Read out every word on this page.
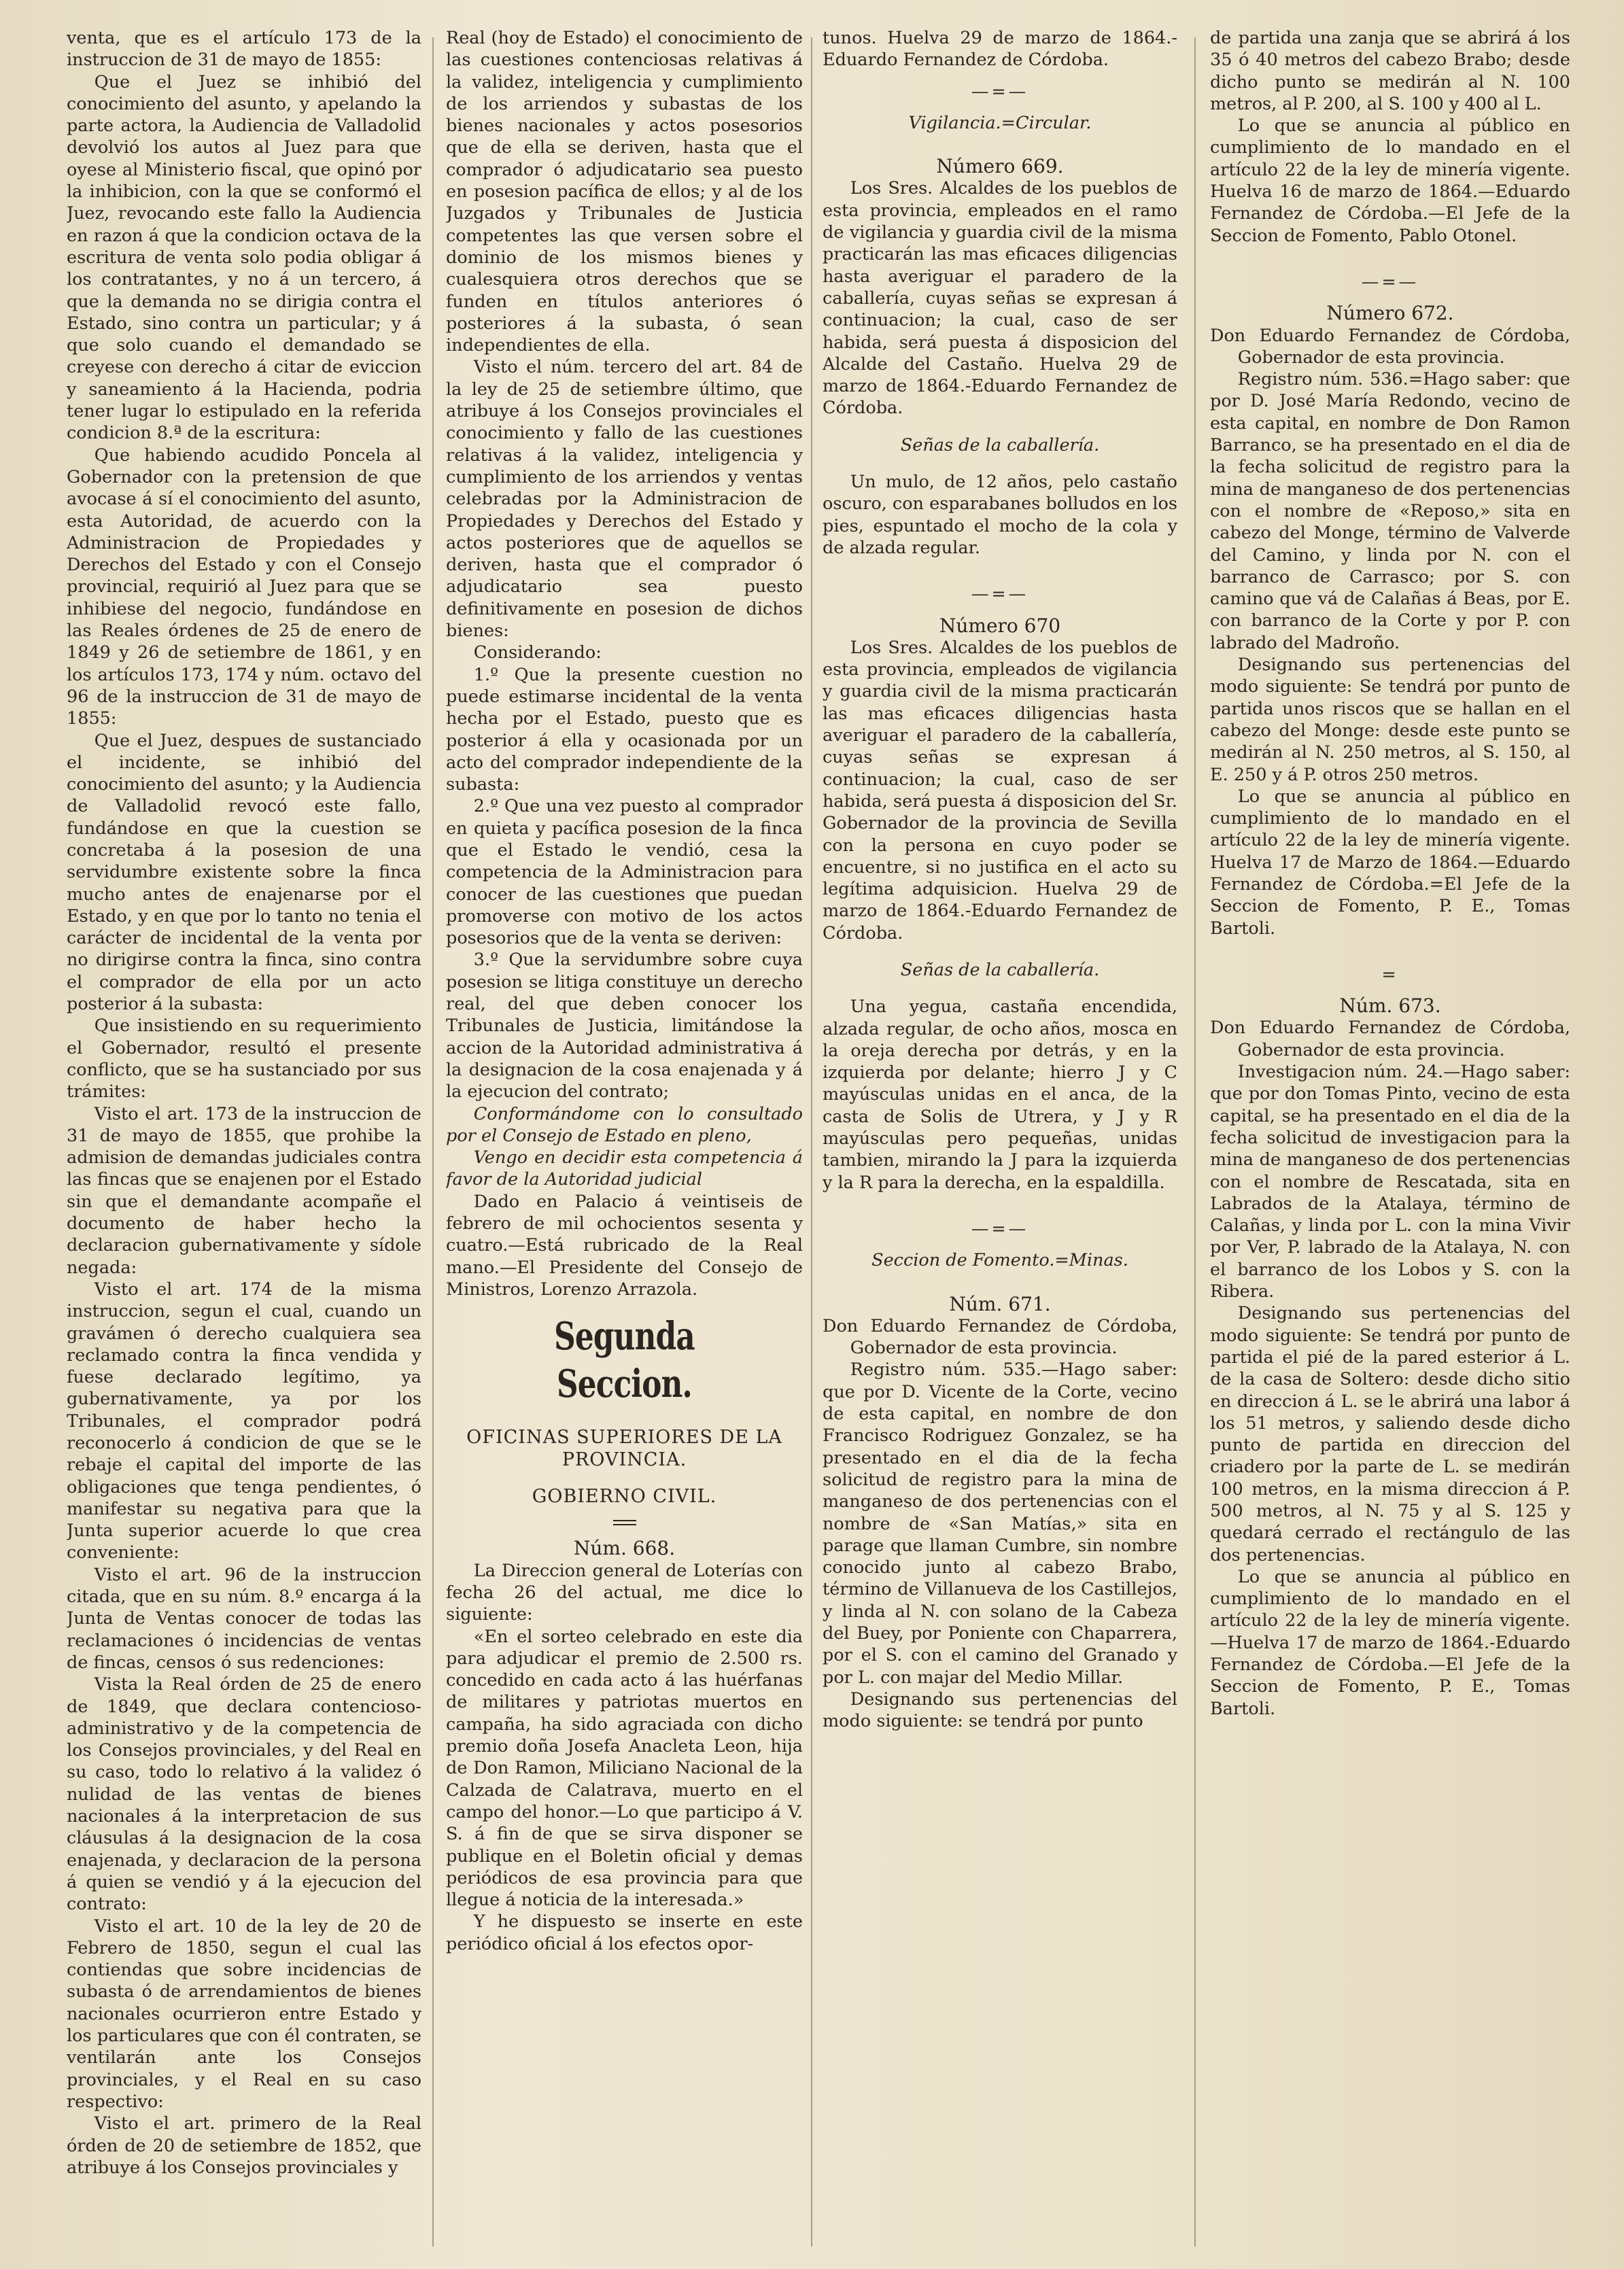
venta, que es el artículo 173 de la instruccion de 31 de mayo de 1855:

Que el Juez se inhibió del conocimiento del asunto, y apelando la parte actora, la Audiencia de Valladolid devolvió los autos al Juez para que oyese al Ministerio fiscal, que opinó por la inhibicion, con la que se conformó el Juez, revocando este fallo la Audiencia en razon á que la condicion octava de la escritura de venta solo podia obligar á los contratantes, y no á un tercero, á que la demanda no se dirigia contra el Estado, sino contra un particular; y á que solo cuando el demandado se creyese con derecho á citar de eviccion y saneamiento á la Hacienda, podria tener lugar lo estipulado en la referida condicion 8.ª de la escritura:

Que habiendo acudido Poncela al Gobernador con la pretension de que avocase á sí el conocimiento del asunto, esta Autoridad, de acuerdo con la Administracion de Propiedades y Derechos del Estado y con el Consejo provincial, requirió al Juez para que se inhibiese del negocio, fundándose en las Reales órdenes de 25 de enero de 1849 y 26 de setiembre de 1861, y en los artículos 173, 174 y núm. octavo del 96 de la instruccion de 31 de mayo de 1855:

Que el Juez, despues de sustanciado el incidente, se inhibió del conocimiento del asunto; y la Audiencia de Valladolid revocó este fallo, fundándose en que la cuestion se concretaba á la posesion de una servidumbre existente sobre la finca mucho antes de enajenarse por el Estado, y en que por lo tanto no tenia el carácter de incidental de la venta por no dirigirse contra la finca, sino contra el comprador de ella por un acto posterior á la subasta:

Que insistiendo en su requerimiento el Gobernador, resultó el presente conflicto, que se ha sustanciado por sus trámites:

Visto el art. 173 de la instruccion de 31 de mayo de 1855, que prohibe la admision de demandas judiciales contra las fincas que se enajenen por el Estado sin que el demandante acompañe el documento de haber hecho la declaracion gubernativamente y sídole negada:

Visto el art. 174 de la misma instruccion, segun el cual, cuando un gravámen ó derecho cualquiera sea reclamado contra la finca vendida y fuese declarado legítimo, ya gubernativamente, ya por los Tribunales, el comprador podrá reconocerlo á condicion de que se le rebaje el capital del importe de las obligaciones que tenga pendientes, ó manifestar su negativa para que la Junta superior acuerde lo que crea conveniente:

Visto el art. 96 de la instruccion citada, que en su núm. 8.º encarga á la Junta de Ventas conocer de todas las reclamaciones ó incidencias de ventas de fincas, censos ó sus redenciones:

Vista la Real órden de 25 de enero de 1849, que declara contencioso-administrativo y de la competencia de los Consejos provinciales, y del Real en su caso, todo lo relativo á la validez ó nulidad de las ventas de bienes nacionales á la interpretacion de sus cláusulas á la designacion de la cosa enajenada, y declaracion de la persona á quien se vendió y á la ejecucion del contrato:

Visto el art. 10 de la ley de 20 de Febrero de 1850, segun el cual las contiendas que sobre incidencias de subasta ó de arrendamientos de bienes nacionales ocurrieron entre Estado y los particulares que con él contraten, se ventilarán ante los Consejos provinciales, y el Real en su caso respectivo:

Visto el art. primero de la Real órden de 20 de setiembre de 1852, que atribuye á los Consejos provinciales y

Real (hoy de Estado) el conocimiento de las cuestiones contenciosas relativas á la validez, inteligencia y cumplimiento de los arriendos y subastas de los bienes nacionales y actos posesorios que de ella se deriven, hasta que el comprador ó adjudicatario sea puesto en posesion pacífica de ellos; y al de los Juzgados y Tribunales de Justicia competentes las que versen sobre el dominio de los mismos bienes y cualesquiera otros derechos que se funden en títulos anteriores ó posteriores á la subasta, ó sean independientes de ella.

Visto el núm. tercero del art. 84 de la ley de 25 de setiembre último, que atribuye á los Consejos provinciales el conocimiento y fallo de las cuestiones relativas á la validez, inteligencia y cumplimiento de los arriendos y ventas celebradas por la Administracion de Propiedades y Derechos del Estado y actos posteriores que de aquellos se deriven, hasta que el comprador ó adjudicatario sea puesto definitivamente en posesion de dichos bienes:

Considerando:

1.º Que la presente cuestion no puede estimarse incidental de la venta hecha por el Estado, puesto que es posterior á ella y ocasionada por un acto del comprador independiente de la subasta:

2.º Que una vez puesto al comprador en quieta y pacífica posesion de la finca que el Estado le vendió, cesa la competencia de la Administracion para conocer de las cuestiones que puedan promoverse con motivo de los actos posesorios que de la venta se deriven:

3.º Que la servidumbre sobre cuya posesion se litiga constituye un derecho real, del que deben conocer los Tribunales de Justicia, limitándose la accion de la Autoridad administrativa á la designacion de la cosa enajenada y á la ejecucion del contrato;

Conformándome con lo consultado por el Consejo de Estado en pleno,

Vengo en decidir esta competencia á favor de la Autoridad judicial

Dado en Palacio á veintiseis de febrero de mil ochocientos sesenta y cuatro.—Está rubricado de la Real mano.—El Presidente del Consejo de Ministros, Lorenzo Arrazola.

Segunda Seccion.
OFICINAS SUPERIORES DE LA PROVINCIA.
GOBIERNO CIVIL.

Núm. 668.

La Direccion general de Loterías con fecha 26 del actual, me dice lo siguiente:

«En el sorteo celebrado en este dia para adjudicar el premio de 2.500 rs. concedido en cada acto á las huérfanas de militares y patriotas muertos en campaña, ha sido agraciada con dicho premio doña Josefa Anacleta Leon, hija de Don Ramon, Miliciano Nacional de la Calzada de Calatrava, muerto en el campo del honor.—Lo que participo á V. S. á fin de que se sirva disponer se publique en el Boletin oficial y demas periódicos de esa provincia para que llegue á noticia de la interesada.»

Y he dispuesto se inserte en este periódico oficial á los efectos opor-

tunos. Huelva 29 de marzo de 1864.-Eduardo Fernandez de Córdoba.

—=—

Vigilancia.=Circular.

Número 669.

Los Sres. Alcaldes de los pueblos de esta provincia, empleados en el ramo de vigilancia y guardia civil de la misma practicarán las mas eficaces diligencias hasta averiguar el paradero de la caballería, cuyas señas se expresan á continuacion; la cual, caso de ser habida, será puesta á disposicion del Alcalde del Castaño. Huelva 29 de marzo de 1864.-Eduardo Fernandez de Córdoba.

Señas de la caballería.

Un mulo, de 12 años, pelo castaño oscuro, con esparabanes bolludos en los pies, espuntado el mocho de la cola y de alzada regular.

—=—

Número 670

Los Sres. Alcaldes de los pueblos de esta provincia, empleados de vigilancia y guardia civil de la misma practicarán las mas eficaces diligencias hasta averiguar el paradero de la caballería, cuyas señas se expresan á continuacion; la cual, caso de ser habida, será puesta á disposicion del Sr. Gobernador de la provincia de Sevilla con la persona en cuyo poder se encuentre, si no justifica en el acto su legítima adquisicion. Huelva 29 de marzo de 1864.-Eduardo Fernandez de Córdoba.

Señas de la caballería.

Una yegua, castaña encendida, alzada regular, de ocho años, mosca en la oreja derecha por detrás, y en la izquierda por delante; hierro J y C mayúsculas unidas en el anca, de la casta de Solis de Utrera, y J y R mayúsculas pero pequeñas, unidas tambien, mirando la J para la izquierda y la R para la derecha, en la espaldilla.

—=—

Seccion de Fomento.=Minas.

Núm. 671.

Don Eduardo Fernandez de Córdoba, Gobernador de esta provincia.

Registro núm. 535.—Hago saber: que por D. Vicente de la Corte, vecino de esta capital, en nombre de don Francisco Rodriguez Gonzalez, se ha presentado en el dia de la fecha solicitud de registro para la mina de manganeso de dos pertenencias con el nombre de «San Matías,» sita en parage que llaman Cumbre, sin nombre conocido junto al cabezo Brabo, término de Villanueva de los Castillejos, y linda al N. con solano de la Cabeza del Buey, por Poniente con Chaparrera, por el S. con el camino del Granado y por L. con majar del Medio Millar.

Designando sus pertenencias del modo siguiente: se tendrá por punto

de partida una zanja que se abrirá á los 35 ó 40 metros del cabezo Brabo; desde dicho punto se medirán al N. 100 metros, al P. 200, al S. 100 y 400 al L.

Lo que se anuncia al público en cumplimiento de lo mandado en el artículo 22 de la ley de minería vigente. Huelva 16 de marzo de 1864.—Eduardo Fernandez de Córdoba.—El Jefe de la Seccion de Fomento, Pablo Otonel.

—=—

Número 672.

Don Eduardo Fernandez de Córdoba, Gobernador de esta provincia.

Registro núm. 536.=Hago saber: que por D. José María Redondo, vecino de esta capital, en nombre de Don Ramon Barranco, se ha presentado en el dia de la fecha solicitud de registro para la mina de manganeso de dos pertenencias con el nombre de «Reposo,» sita en cabezo del Monge, término de Valverde del Camino, y linda por N. con el barranco de Carrasco; por S. con camino que vá de Calañas á Beas, por E. con barranco de la Corte y por P. con labrado del Madroño.

Designando sus pertenencias del modo siguiente: Se tendrá por punto de partida unos riscos que se hallan en el cabezo del Monge: desde este punto se medirán al N. 250 metros, al S. 150, al E. 250 y á P. otros 250 metros.

Lo que se anuncia al público en cumplimiento de lo mandado en el artículo 22 de la ley de minería vigente. Huelva 17 de Marzo de 1864.—Eduardo Fernandez de Córdoba.=El Jefe de la Seccion de Fomento, P. E., Tomas Bartoli.

=

Núm. 673.

Don Eduardo Fernandez de Córdoba, Gobernador de esta provincia.

Investigacion núm. 24.—Hago saber: que por don Tomas Pinto, vecino de esta capital, se ha presentado en el dia de la fecha solicitud de investigacion para la mina de manganeso de dos pertenencias con el nombre de Rescatada, sita en Labrados de la Atalaya, término de Calañas, y linda por L. con la mina Vivir por Ver, P. labrado de la Atalaya, N. con el barranco de los Lobos y S. con la Ribera.

Designando sus pertenencias del modo siguiente: Se tendrá por punto de partida el pié de la pared esterior á L. de la casa de Soltero: desde dicho sitio en direccion á L. se le abrirá una labor á los 51 metros, y saliendo desde dicho punto de partida en direccion del criadero por la parte de L. se medirán 100 metros, en la misma direccion á P. 500 metros, al N. 75 y al S. 125 y quedará cerrado el rectángulo de las dos pertenencias.

Lo que se anuncia al público en cumplimiento de lo mandado en el artículo 22 de la ley de minería vigente.—Huelva 17 de marzo de 1864.-Eduardo Fernandez de Córdoba.—El Jefe de la Seccion de Fomento, P. E., Tomas Bartoli.
